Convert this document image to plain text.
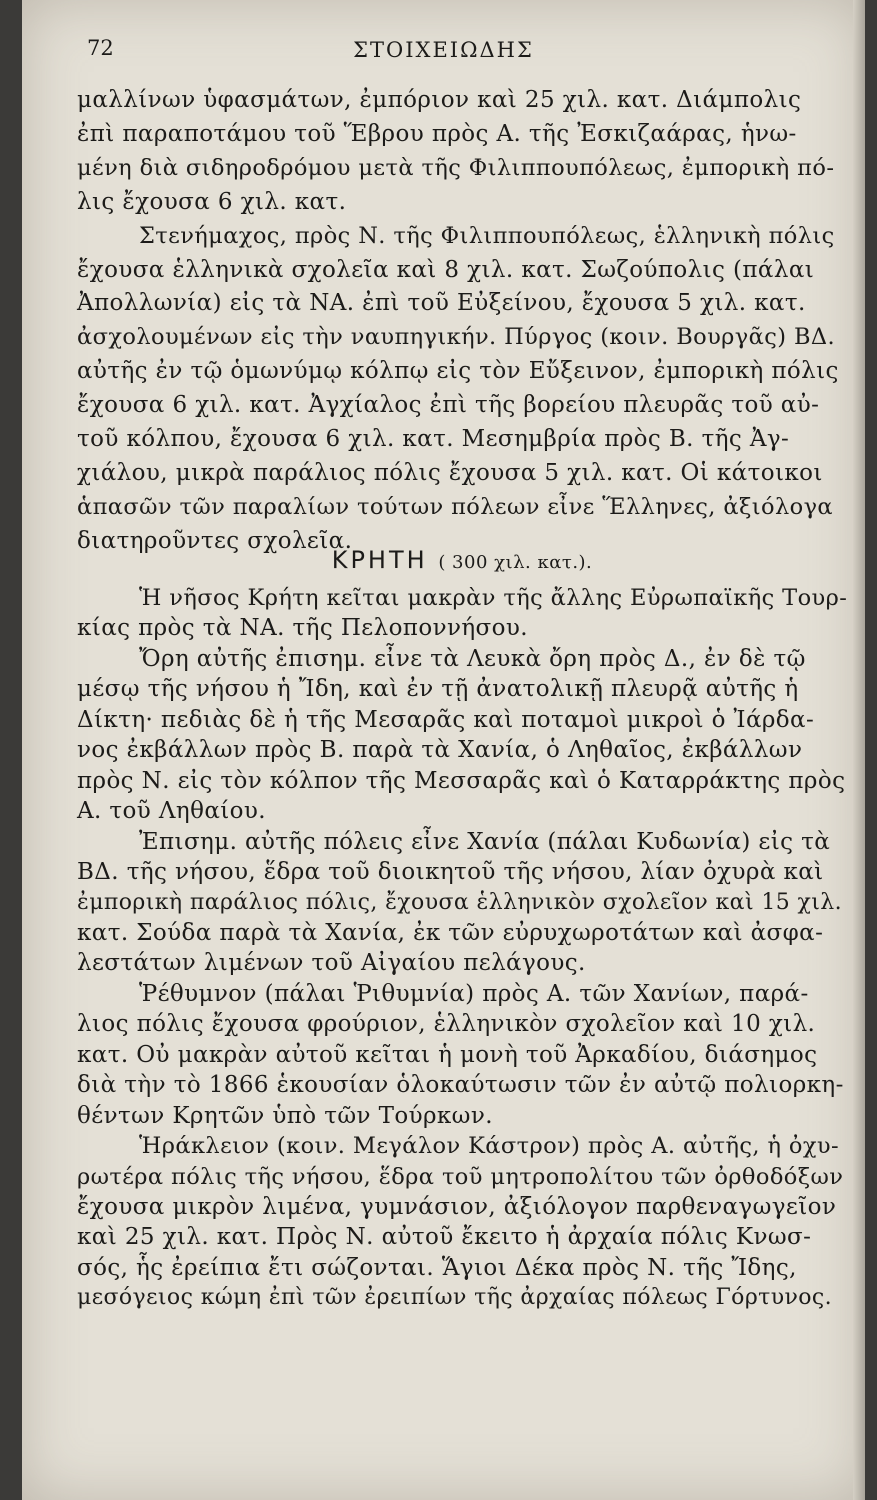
72	ΣΤΟΙΧΕΙΩΔΗΣ
μαλλίνων ὑφασμάτων, ἐμπόριον καὶ 25 χιλ. κατ. Διάμπολις
ἐπὶ παραποτάμου τοῦ Ἕβρου πρὸς Α. τῆς Ἐσκιζαάρας, ἡνω-
μένη διὰ σιδηροδρόμου μετὰ τῆς Φιλιππουπόλεως, ἐμπορικὴ πό-
λις ἔχουσα 6 χιλ. κατ.
Στενήμαχος, πρὸς Ν. τῆς Φιλιππουπόλεως, ἑλληνικὴ πόλις
ἔχουσα ἑλληνικὰ σχολεῖα καὶ 8 χιλ. κατ. Σωζούπολις (πάλαι
Ἀπολλωνία) εἰς τὰ ΝΑ. ἐπὶ τοῦ Εὐξείνου, ἔχουσα 5 χιλ. κατ.
ἀσχολουμένων εἰς τὴν ναυπηγικήν. Πύργος (κοιν. Βουργᾶς) ΒΔ.
αὐτῆς ἐν τῷ ὁμωνύμῳ κόλπῳ εἰς τὸν Εὔξεινον, ἐμπορικὴ πόλις
ἔχουσα 6 χιλ. κατ. Ἀγχίαλος ἐπὶ τῆς βορείου πλευρᾶς τοῦ αὐ-
τοῦ κόλπου, ἔχουσα 6 χιλ. κατ. Μεσημβρία πρὸς Β. τῆς Ἀγ-
χιάλου, μικρὰ παράλιος πόλις ἔχουσα 5 χιλ. κατ. Οἱ κάτοικοι
ἁπασῶν τῶν παραλίων τούτων πόλεων εἶνε Ἕλληνες, ἀξιόλογα
διατηροῦντες σχολεῖα.
ΚΡΗΤΗ ( 300 χιλ. κατ.).
Ἡ νῆσος Κρήτη κεῖται μακρὰν τῆς ἄλλης Εὐρωπαϊκῆς Τουρ-
κίας πρὸς τὰ ΝΑ. τῆς Πελοποννήσου.
Ὄρη αὐτῆς ἐπισημ. εἶνε τὰ Λευκὰ ὄρη πρὸς Δ., ἐν δὲ τῷ
μέσῳ τῆς νήσου ἡ Ἴδη, καὶ ἐν τῇ ἀνατολικῇ πλευρᾷ αὐτῆς ἡ
Δίκτη· πεδιὰς δὲ ἡ τῆς Μεσαρᾶς καὶ ποταμοὶ μικροὶ ὁ Ἰάρδα-
νος ἐκβάλλων πρὸς Β. παρὰ τὰ Χανία, ὁ Ληθαῖος, ἐκβάλλων
πρὸς Ν. εἰς τὸν κόλπον τῆς Μεσσαρᾶς καὶ ὁ Καταρράκτης πρὸς
Α. τοῦ Ληθαίου.
Ἐπισημ. αὐτῆς πόλεις εἶνε Χανία (πάλαι Κυδωνία) εἰς τὰ
ΒΔ. τῆς νήσου, ἕδρα τοῦ διοικητοῦ τῆς νήσου, λίαν ὀχυρὰ καὶ
ἐμπορικὴ παράλιος πόλις, ἔχουσα ἑλληνικὸν σχολεῖον καὶ 15 χιλ.
κατ. Σούδα παρὰ τὰ Χανία, ἐκ τῶν εὐρυχωροτάτων καὶ ἀσφα-
λεστάτων λιμένων τοῦ Αἰγαίου πελάγους.
Ῥέθυμνον (πάλαι Ῥιθυμνία) πρὸς Α. τῶν Χανίων, παρά-
λιος πόλις ἔχουσα φρούριον, ἑλληνικὸν σχολεῖον καὶ 10 χιλ.
κατ. Οὐ μακρὰν αὐτοῦ κεῖται ἡ μονὴ τοῦ Ἀρκαδίου, διάσημος
διὰ τὴν τὸ 1866 ἑκουσίαν ὁλοκαύτωσιν τῶν ἐν αὐτῷ πολιορκη-
θέντων Κρητῶν ὑπὸ τῶν Τούρκων.
Ἡράκλειον (κοιν. Μεγάλον Κάστρον) πρὸς Α. αὐτῆς, ἡ ὀχυ-
ρωτέρα πόλις τῆς νήσου, ἕδρα τοῦ μητροπολίτου τῶν ὀρθοδόξων
ἔχουσα μικρὸν λιμένα, γυμνάσιον, ἀξιόλογον παρθεναγωγεῖον
καὶ 25 χιλ. κατ. Πρὸς Ν. αὐτοῦ ἔκειτο ἡ ἀρχαία πόλις Κνωσ-
σός, ἧς ἐρείπια ἔτι σώζονται. Ἅγιοι Δέκα πρὸς Ν. τῆς Ἴδης,
μεσόγειος κώμη ἐπὶ τῶν ἐρειπίων τῆς ἀρχαίας πόλεως Γόρτυνος.
